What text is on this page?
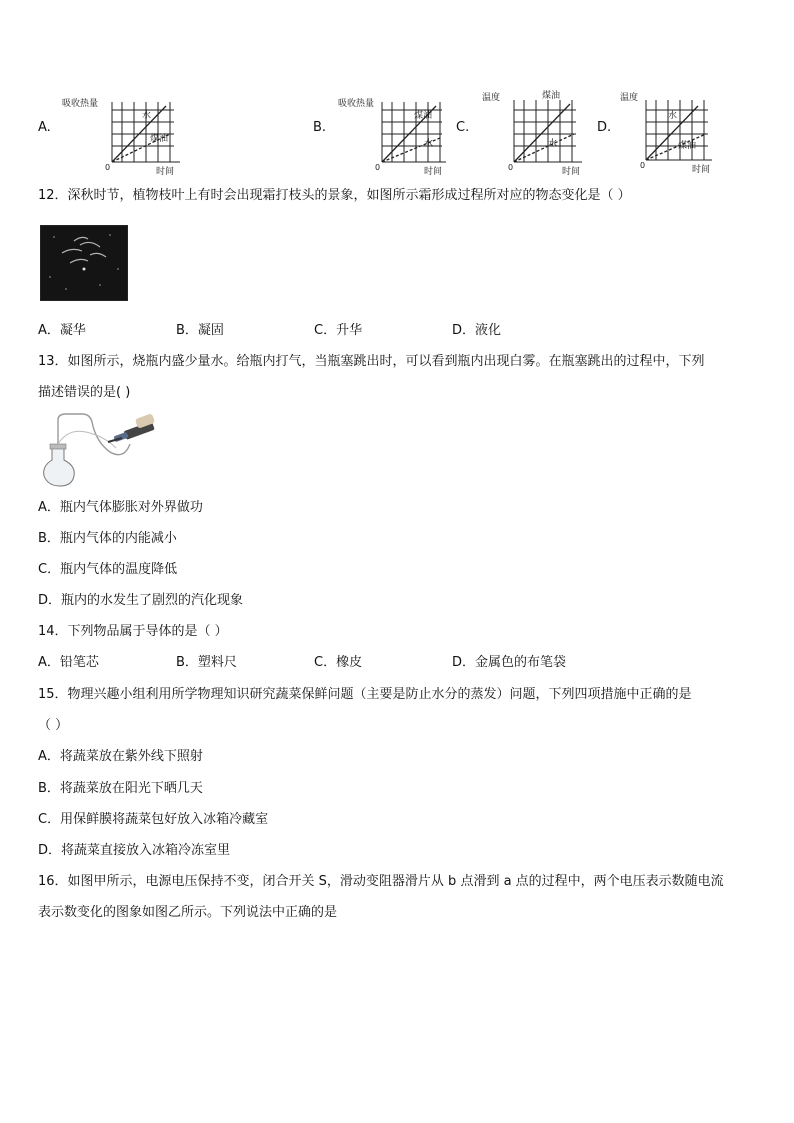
A.
吸收热量
时间
0
水
煤油
B.
吸收热量
时间
0
煤油
水
C.
温度
时间
0
煤油
水
D.
温度
时间
0
水
煤油
12．深秋时节，植物枝叶上有时会出现霜打枝头的景象，如图所示霜形成过程所对应的物态变化是（ ）
A．凝华	B．凝固	C．升华	D．液化
13．如图所示，烧瓶内盛少量水。给瓶内打气，当瓶塞跳出时，可以看到瓶内出现白雾。在瓶塞跳出的过程中，下列
描述错误的是( )
A．瓶内气体膨胀对外界做功
B．瓶内气体的内能减小
C．瓶内气体的温度降低
D．瓶内的水发生了剧烈的汽化现象
14．下列物品属于导体的是（ ）
A．铅笔芯	B．塑料尺	C．橡皮	D．金属色的布笔袋
15．物理兴趣小组利用所学物理知识研究蔬菜保鲜问题（主要是防止水分的蒸发）问题，下列四项措施中正确的是
（ ）
A．将蔬菜放在紫外线下照射
B．将蔬菜放在阳光下晒几天
C．用保鲜膜将蔬菜包好放入冰箱冷藏室
D．将蔬菜直接放入冰箱冷冻室里
16．如图甲所示，电源电压保持不变，闭合开关 S，滑动变阻器滑片从 b 点滑到 a 点的过程中，两个电压表示数随电流
表示数变化的图象如图乙所示。下列说法中正确的是
